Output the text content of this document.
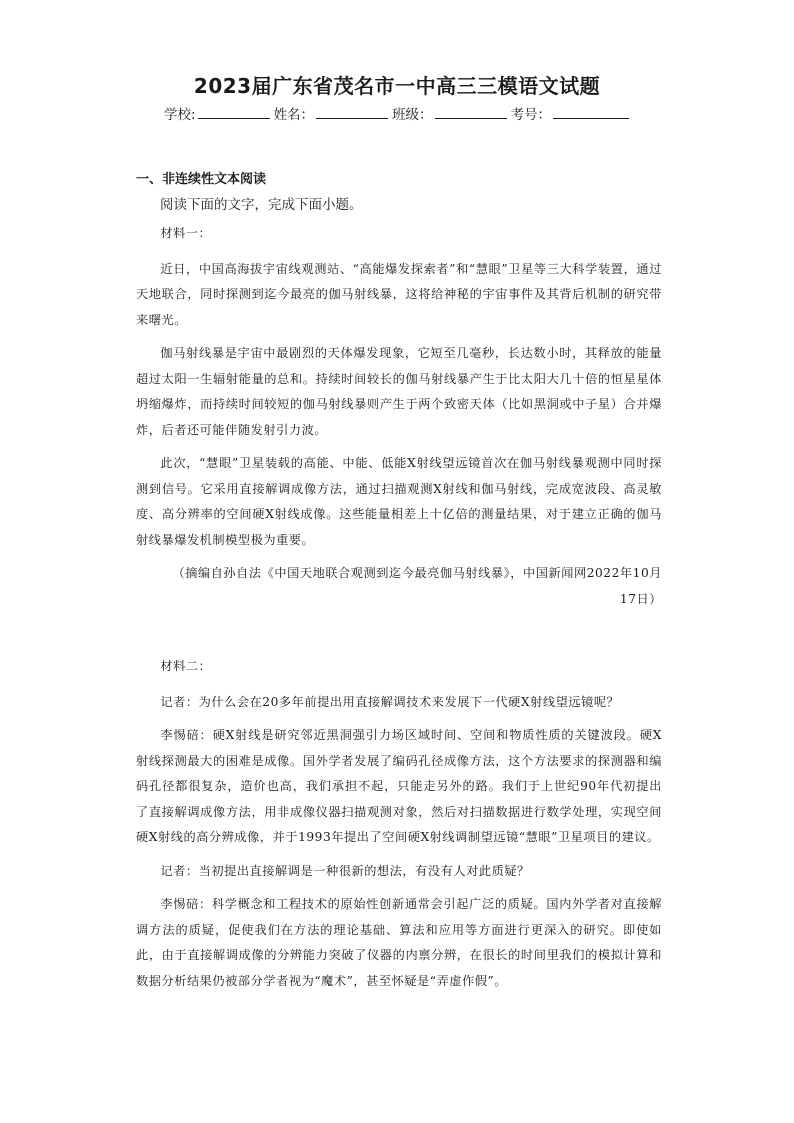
2023届广东省茂名市一中高三三模语文试题
学校:	姓名：	班级：	考号：
一、非连续性文本阅读
阅读下面的文字，完成下面小题。

材料一：

近日，中国高海拔宇宙线观测站、“高能爆发探索者”和“慧眼”卫星等三大科学装置，通过天地联合，同时探测到迄今最亮的伽马射线暴，这将给神秘的宇宙事件及其背后机制的研究带来曙光。

伽马射线暴是宇宙中最剧烈的天体爆发现象，它短至几毫秒，长达数小时，其释放的能量超过太阳一生辐射能量的总和。持续时间较长的伽马射线暴产生于比太阳大几十倍的恒星星体坍缩爆炸，而持续时间较短的伽马射线暴则产生于两个致密天体（比如黑洞或中子星）合并爆炸，后者还可能伴随发射引力波。

此次，“慧眼”卫星装载的高能、中能、低能X射线望远镜首次在伽马射线暴观测中同时探测到信号。它采用直接解调成像方法，通过扫描观测X射线和伽马射线，完成宽波段、高灵敏度、高分辨率的空间硬X射线成像。这些能量相差上十亿倍的测量结果，对于建立正确的伽马射线暴爆发机制模型极为重要。

（摘编自孙自法《中国天地联合观测到迄今最亮伽马射线暴》，中国新闻网2022年10月17日）

材料二：

记者：为什么会在20多年前提出用直接解调技术来发展下一代硬X射线望远镜呢？

李惕碚：硬X射线是研究邻近黑洞强引力场区域时间、空间和物质性质的关键波段。硬X射线探测最大的困难是成像。国外学者发展了编码孔径成像方法，这个方法要求的探测器和编码孔径都很复杂，造价也高，我们承担不起，只能走另外的路。我们于上世纪90年代初提出了直接解调成像方法，用非成像仪器扫描观测对象，然后对扫描数据进行数学处理，实现空间硬X射线的高分辨成像，并于1993年提出了空间硬X射线调制望远镜“慧眼”卫星项目的建议。

记者：当初提出直接解调是一种很新的想法，有没有人对此质疑？

李惕碚：科学概念和工程技术的原始性创新通常会引起广泛的质疑。国内外学者对直接解调方法的质疑，促使我们在方法的理论基础、算法和应用等方面进行更深入的研究。即使如此，由于直接解调成像的分辨能力突破了仪器的内禀分辨，在很长的时间里我们的模拟计算和数据分析结果仍被部分学者视为“魔术”，甚至怀疑是“弄虚作假”。
